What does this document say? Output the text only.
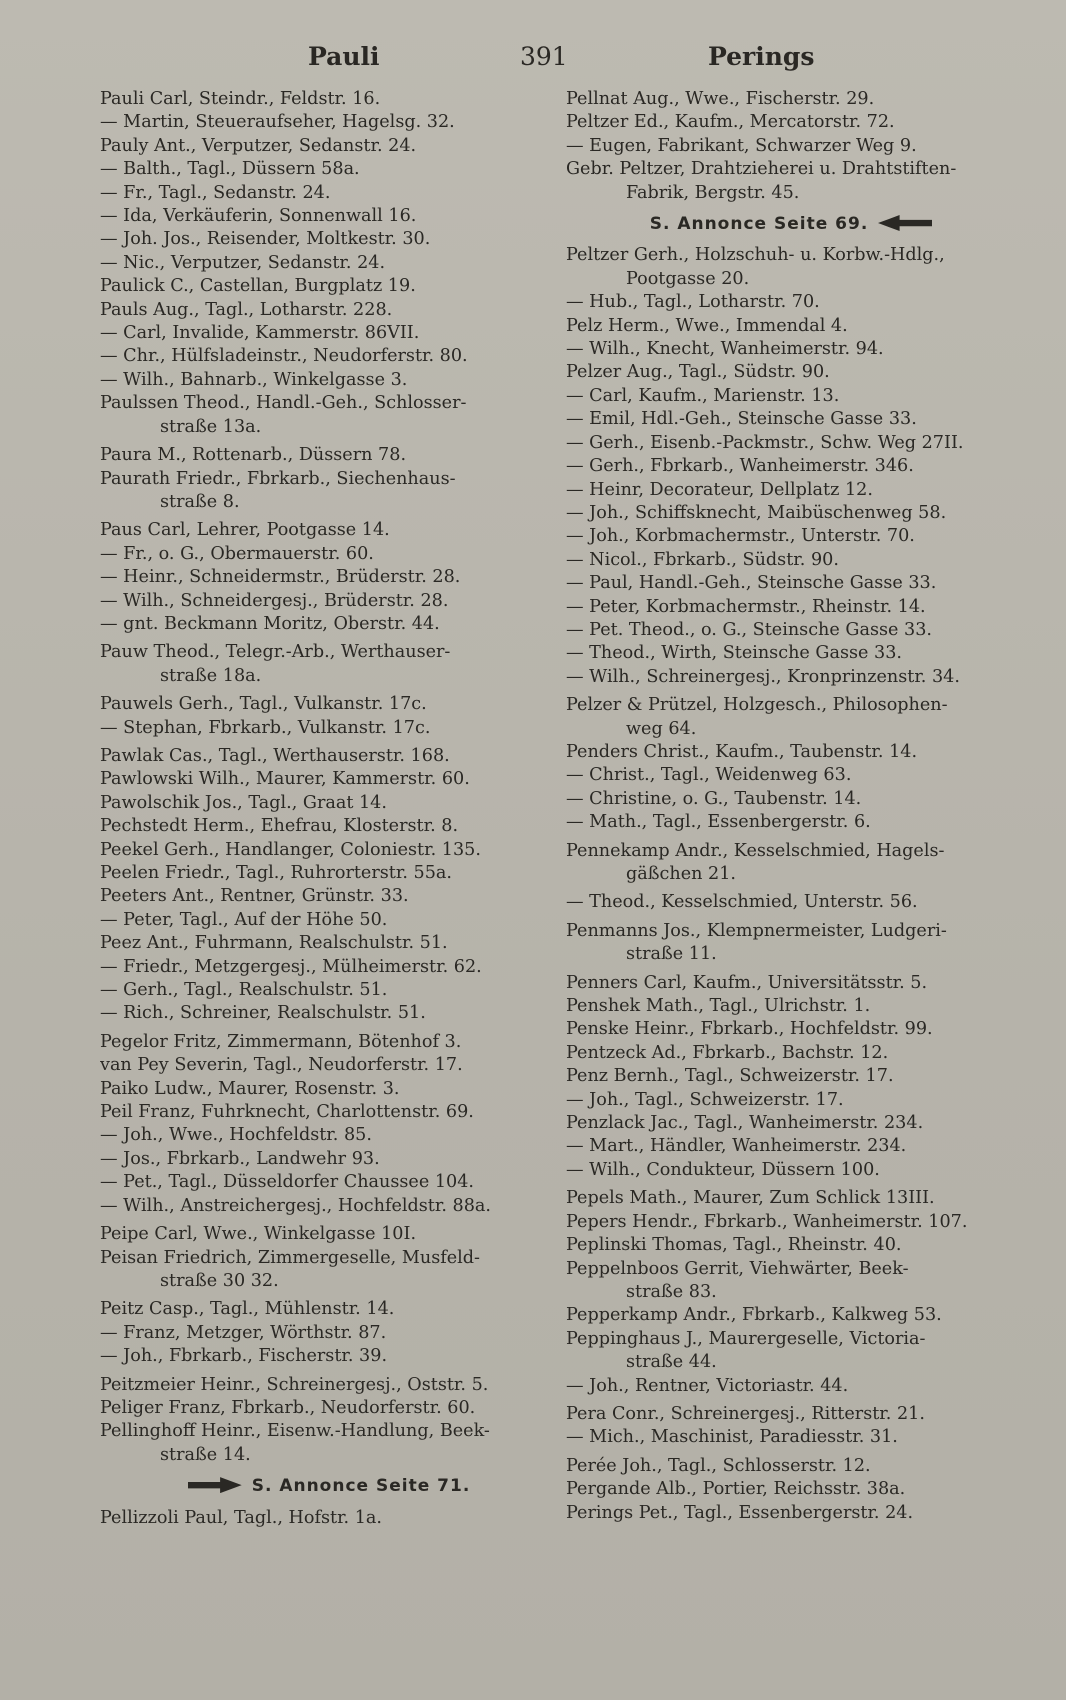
Pauli	391	Perings
Pauli Carl, Steindr., Feldstr. 16.
— Martin, Steueraufseher, Hagelsg. 32.
Pauly Ant., Verputzer, Sedanstr. 24.
— Balth., Tagl., Düssern 58a.
— Fr., Tagl., Sedanstr. 24.
— Ida, Verkäuferin, Sonnenwall 16.
— Joh. Jos., Reisender, Moltkestr. 30.
— Nic., Verputzer, Sedanstr. 24.
Paulick C., Castellan, Burgplatz 19.
Pauls Aug., Tagl., Lotharstr. 228.
— Carl, Invalide, Kammerstr. 86VII.
— Chr., Hülfsladeinstr., Neudorferstr. 80.
— Wilh., Bahnarb., Winkelgasse 3.
Paulssen Theod., Handl.-Geh., Schlosser-
straße 13a.
Paura M., Rottenarb., Düssern 78.
Paurath Friedr., Fbrkarb., Siechenhaus-
straße 8.
Paus Carl, Lehrer, Pootgasse 14.
— Fr., o. G., Obermauerstr. 60.
— Heinr., Schneidermstr., Brüderstr. 28.
— Wilh., Schneidergesj., Brüderstr. 28.
— gnt. Beckmann Moritz, Oberstr. 44.
Pauw Theod., Telegr.-Arb., Werthauser-
straße 18a.
Pauwels Gerh., Tagl., Vulkanstr. 17c.
— Stephan, Fbrkarb., Vulkanstr. 17c.
Pawlak Cas., Tagl., Werthauserstr. 168.
Pawlowski Wilh., Maurer, Kammerstr. 60.
Pawolschik Jos., Tagl., Graat 14.
Pechstedt Herm., Ehefrau, Klosterstr. 8.
Peekel Gerh., Handlanger, Coloniestr. 135.
Peelen Friedr., Tagl., Ruhrorterstr. 55a.
Peeters Ant., Rentner, Grünstr. 33.
— Peter, Tagl., Auf der Höhe 50.
Peez Ant., Fuhrmann, Realschulstr. 51.
— Friedr., Metzgergesj., Mülheimerstr. 62.
— Gerh., Tagl., Realschulstr. 51.
— Rich., Schreiner, Realschulstr. 51.
Pegelor Fritz, Zimmermann, Bötenhof 3.
van Pey Severin, Tagl., Neudorferstr. 17.
Paiko Ludw., Maurer, Rosenstr. 3.
Peil Franz, Fuhrknecht, Charlottenstr. 69.
— Joh., Wwe., Hochfeldstr. 85.
— Jos., Fbrkarb., Landwehr 93.
— Pet., Tagl., Düsseldorfer Chaussee 104.
— Wilh., Anstreichergesj., Hochfeldstr. 88a.
Peipe Carl, Wwe., Winkelgasse 10I.
Peisan Friedrich, Zimmergeselle, Musfeld-
straße 30 32.
Peitz Casp., Tagl., Mühlenstr. 14.
— Franz, Metzger, Wörthstr. 87.
— Joh., Fbrkarb., Fischerstr. 39.
Peitzmeier Heinr., Schreinergesj., Oststr. 5.
Peliger Franz, Fbrkarb., Neudorferstr. 60.
Pellinghoff Heinr., Eisenw.-Handlung, Beek-
straße 14.
S. Annonce Seite 71.
Pellizzoli Paul, Tagl., Hofstr. 1a.
Pellnat Aug., Wwe., Fischerstr. 29.
Peltzer Ed., Kaufm., Mercatorstr. 72.
— Eugen, Fabrikant, Schwarzer Weg 9.
Gebr. Peltzer, Drahtzieherei u. Drahtstiften-
Fabrik, Bergstr. 45.
S. Annonce Seite 69.
Peltzer Gerh., Holzschuh- u. Korbw.-Hdlg.,
Pootgasse 20.
— Hub., Tagl., Lotharstr. 70.
Pelz Herm., Wwe., Immendal 4.
— Wilh., Knecht, Wanheimerstr. 94.
Pelzer Aug., Tagl., Südstr. 90.
— Carl, Kaufm., Marienstr. 13.
— Emil, Hdl.-Geh., Steinsche Gasse 33.
— Gerh., Eisenb.-Packmstr., Schw. Weg 27II.
— Gerh., Fbrkarb., Wanheimerstr. 346.
— Heinr, Decorateur, Dellplatz 12.
— Joh., Schiffsknecht, Maibüschenweg 58.
— Joh., Korbmachermstr., Unterstr. 70.
— Nicol., Fbrkarb., Südstr. 90.
— Paul, Handl.-Geh., Steinsche Gasse 33.
— Peter, Korbmachermstr., Rheinstr. 14.
— Pet. Theod., o. G., Steinsche Gasse 33.
— Theod., Wirth, Steinsche Gasse 33.
— Wilh., Schreinergesj., Kronprinzenstr. 34.
Pelzer & Prützel, Holzgesch., Philosophen-
weg 64.
Penders Christ., Kaufm., Taubenstr. 14.
— Christ., Tagl., Weidenweg 63.
— Christine, o. G., Taubenstr. 14.
— Math., Tagl., Essenbergerstr. 6.
Pennekamp Andr., Kesselschmied, Hagels-
gäßchen 21.
— Theod., Kesselschmied, Unterstr. 56.
Penmanns Jos., Klempnermeister, Ludgeri-
straße 11.
Penners Carl, Kaufm., Universitätsstr. 5.
Penshek Math., Tagl., Ulrichstr. 1.
Penske Heinr., Fbrkarb., Hochfeldstr. 99.
Pentzeck Ad., Fbrkarb., Bachstr. 12.
Penz Bernh., Tagl., Schweizerstr. 17.
— Joh., Tagl., Schweizerstr. 17.
Penzlack Jac., Tagl., Wanheimerstr. 234.
— Mart., Händler, Wanheimerstr. 234.
— Wilh., Condukteur, Düssern 100.
Pepels Math., Maurer, Zum Schlick 13III.
Pepers Hendr., Fbrkarb., Wanheimerstr. 107.
Peplinski Thomas, Tagl., Rheinstr. 40.
Peppelnboos Gerrit, Viehwärter, Beek-
straße 83.
Pepperkamp Andr., Fbrkarb., Kalkweg 53.
Peppinghaus J., Maurergeselle, Victoria-
straße 44.
— Joh., Rentner, Victoriastr. 44.
Pera Conr., Schreinergesj., Ritterstr. 21.
— Mich., Maschinist, Paradiesstr. 31.
Perée Joh., Tagl., Schlosserstr. 12.
Pergande Alb., Portier, Reichsstr. 38a.
Perings Pet., Tagl., Essenbergerstr. 24.
